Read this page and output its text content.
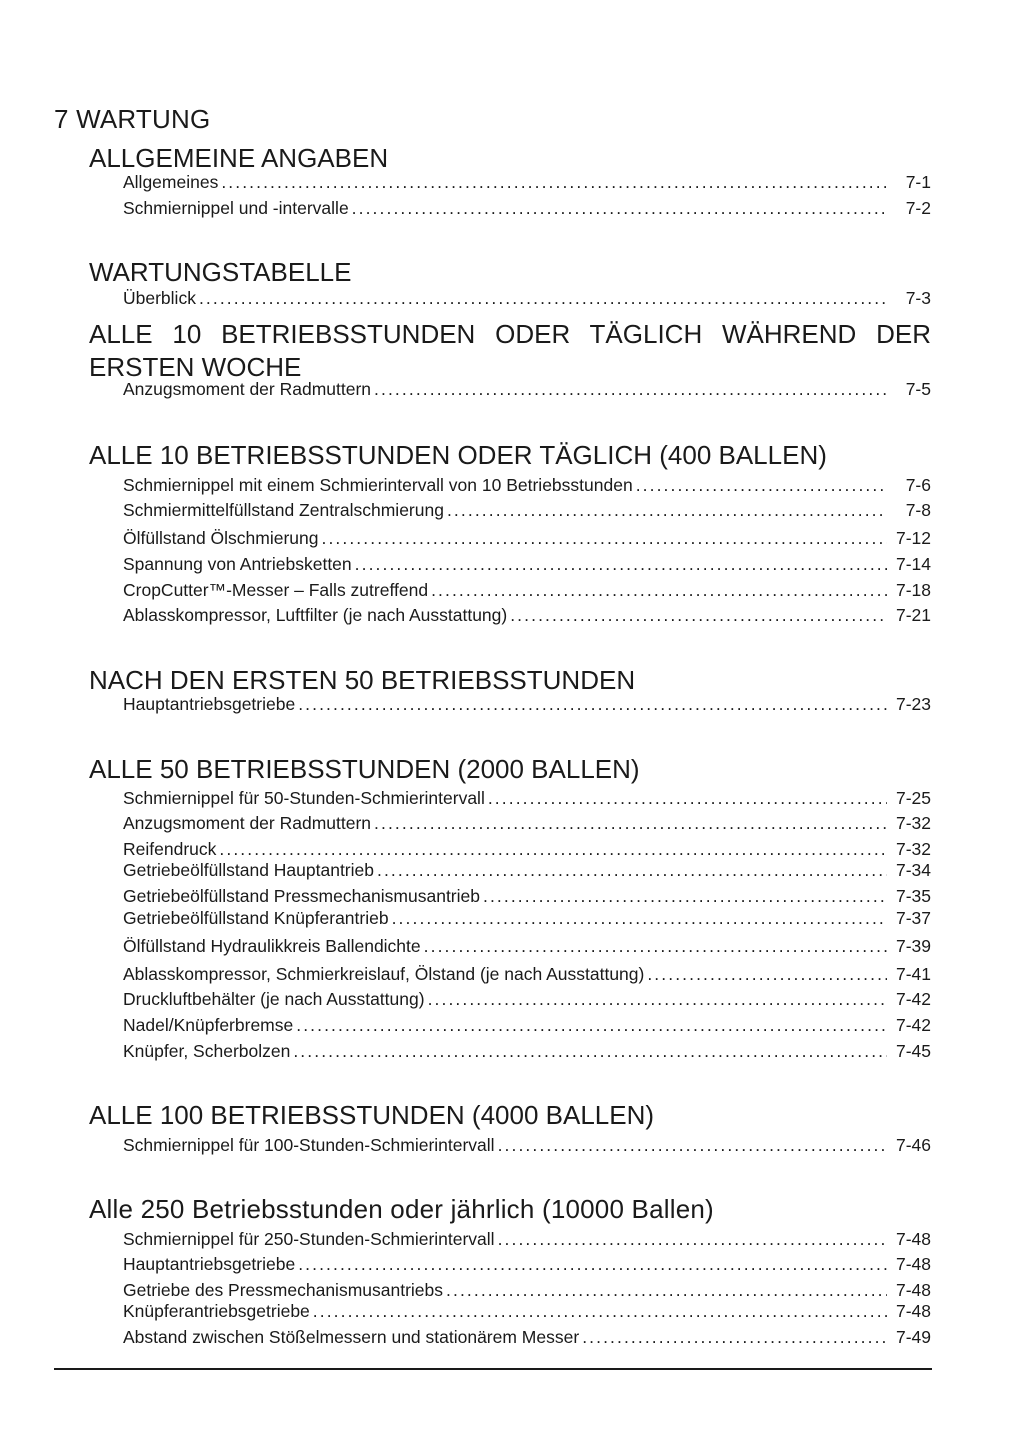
7 WARTUNG
ALLGEMEINE ANGABEN
Allgemeines .....	7-1
Schmiernippel und -intervalle .....	7-2
WARTUNGSTABELLE
Überblick .....	7-3
ALLE 10 BETRIEBSSTUNDEN ODER TÄGLICH WÄHREND DER ERSTEN WOCHE
Anzugsmoment der Radmuttern .....	7-5
ALLE 10 BETRIEBSSTUNDEN ODER TÄGLICH (400 BALLEN)
Schmiernippel mit einem Schmierintervall von 10 Betriebsstunden .....	7-6
Schmiermittelfüllstand Zentralschmierung .....	7-8
Ölfüllstand Ölschmierung .....	7-12
Spannung von Antriebsketten .....	7-14
CropCutter™-Messer – Falls zutreffend .....	7-18
Ablasskompressor, Luftfilter (je nach Ausstattung) .....	7-21
NACH DEN ERSTEN 50 BETRIEBSSTUNDEN
Hauptantriebsgetriebe .....	7-23
ALLE 50 BETRIEBSSTUNDEN (2000 BALLEN)
Schmiernippel für 50-Stunden-Schmierintervall .....	7-25
Anzugsmoment der Radmuttern .....	7-32
Reifendruck .....	7-32
Getriebeölfüllstand Hauptantrieb .....	7-34
Getriebeölfüllstand Pressmechanismusantrieb .....	7-35
Getriebeölfüllstand Knüpferantrieb .....	7-37
Ölfüllstand Hydraulikkreis Ballendichte .....	7-39
Ablasskompressor, Schmierkreislauf, Ölstand (je nach Ausstattung) .....	7-41
Druckluftbehälter (je nach Ausstattung) .....	7-42
Nadel/Knüpferbremse .....	7-42
Knüpfer, Scherbolzen .....	7-45
ALLE 100 BETRIEBSSTUNDEN (4000 BALLEN)
Schmiernippel für 100-Stunden-Schmierintervall .....	7-46
Alle 250 Betriebsstunden oder jährlich (10000 Ballen)
Schmiernippel für 250-Stunden-Schmierintervall .....	7-48
Hauptantriebsgetriebe .....	7-48
Getriebe des Pressmechanismusantriebs .....	7-48
Knüpferantriebsgetriebe .....	7-48
Abstand zwischen Stößelmessern und stationärem Messer .....	7-49
